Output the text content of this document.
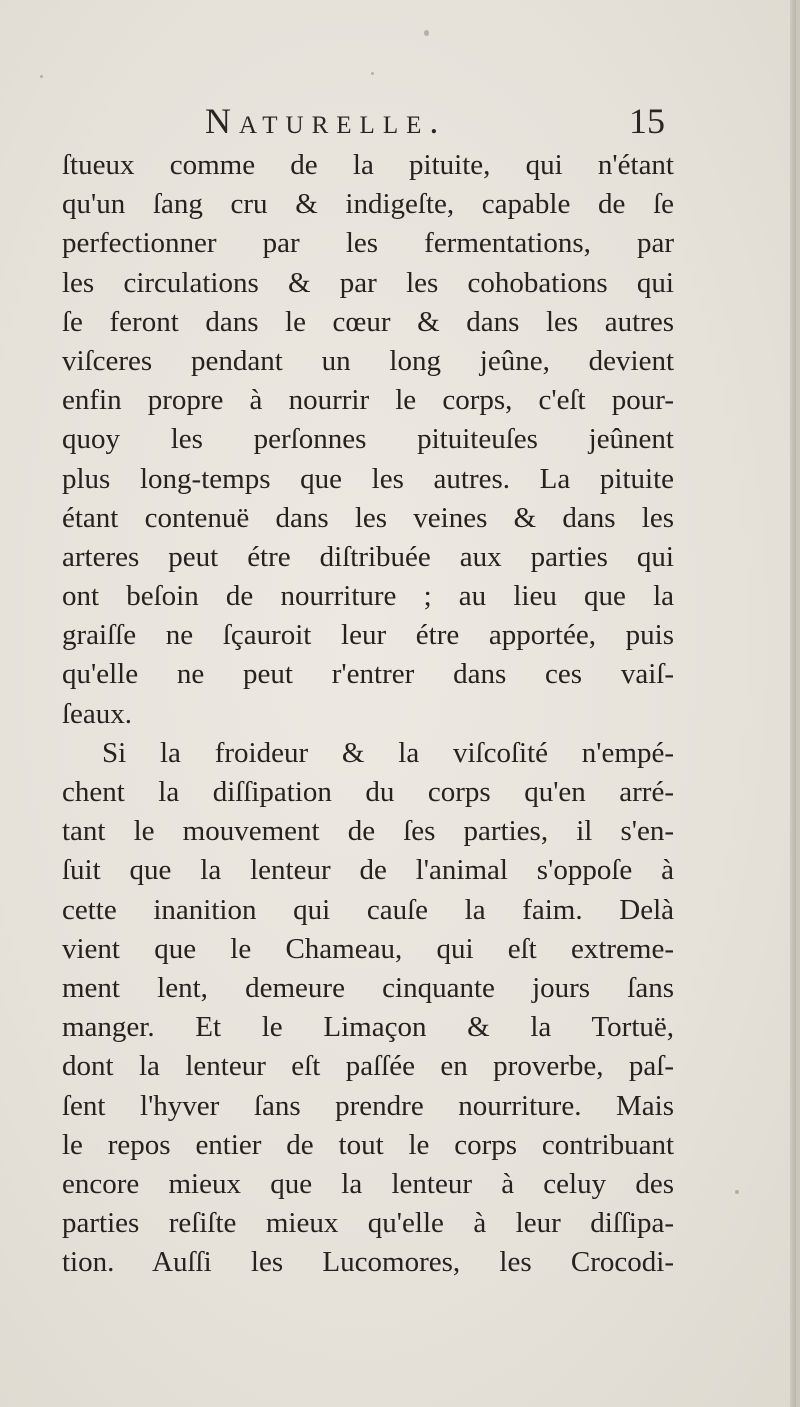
Naturelle.	15
ſtueux comme de la pituite, qui n'étant
qu'un ſang cru & indigeſte, capable de ſe
perfectionner par les fermentations, par
les circulations & par les cohobations qui
ſe feront dans le cœur & dans les autres
viſceres pendant un long jeûne, devient
enfin propre à nourrir le corps, c'eſt pour-
quoy les perſonnes pituiteuſes jeûnent
plus long-temps que les autres. La pituite
étant contenuë dans les veines & dans les
arteres peut étre diſtribuée aux parties qui
ont beſoin de nourriture ; au lieu que la
graiſſe ne ſçauroit leur étre apportée, puis
qu'elle ne peut r'entrer dans ces vaiſ-
ſeaux.
Si la froideur & la viſcoſité n'empé-
chent la diſſipation du corps qu'en arré-
tant le mouvement de ſes parties, il s'en-
ſuit que la lenteur de l'animal s'oppoſe à
cette inanition qui cauſe la faim. Delà
vient que le Chameau, qui eſt extreme-
ment lent, demeure cinquante jours ſans
manger. Et le Limaçon & la Tortuë,
dont la lenteur eſt paſſée en proverbe, paſ-
ſent l'hyver ſans prendre nourriture. Mais
le repos entier de tout le corps contribuant
encore mieux que la lenteur à celuy des
parties reſiſte mieux qu'elle à leur diſſipa-
tion. Auſſi les Lucomores, les Crocodi-
